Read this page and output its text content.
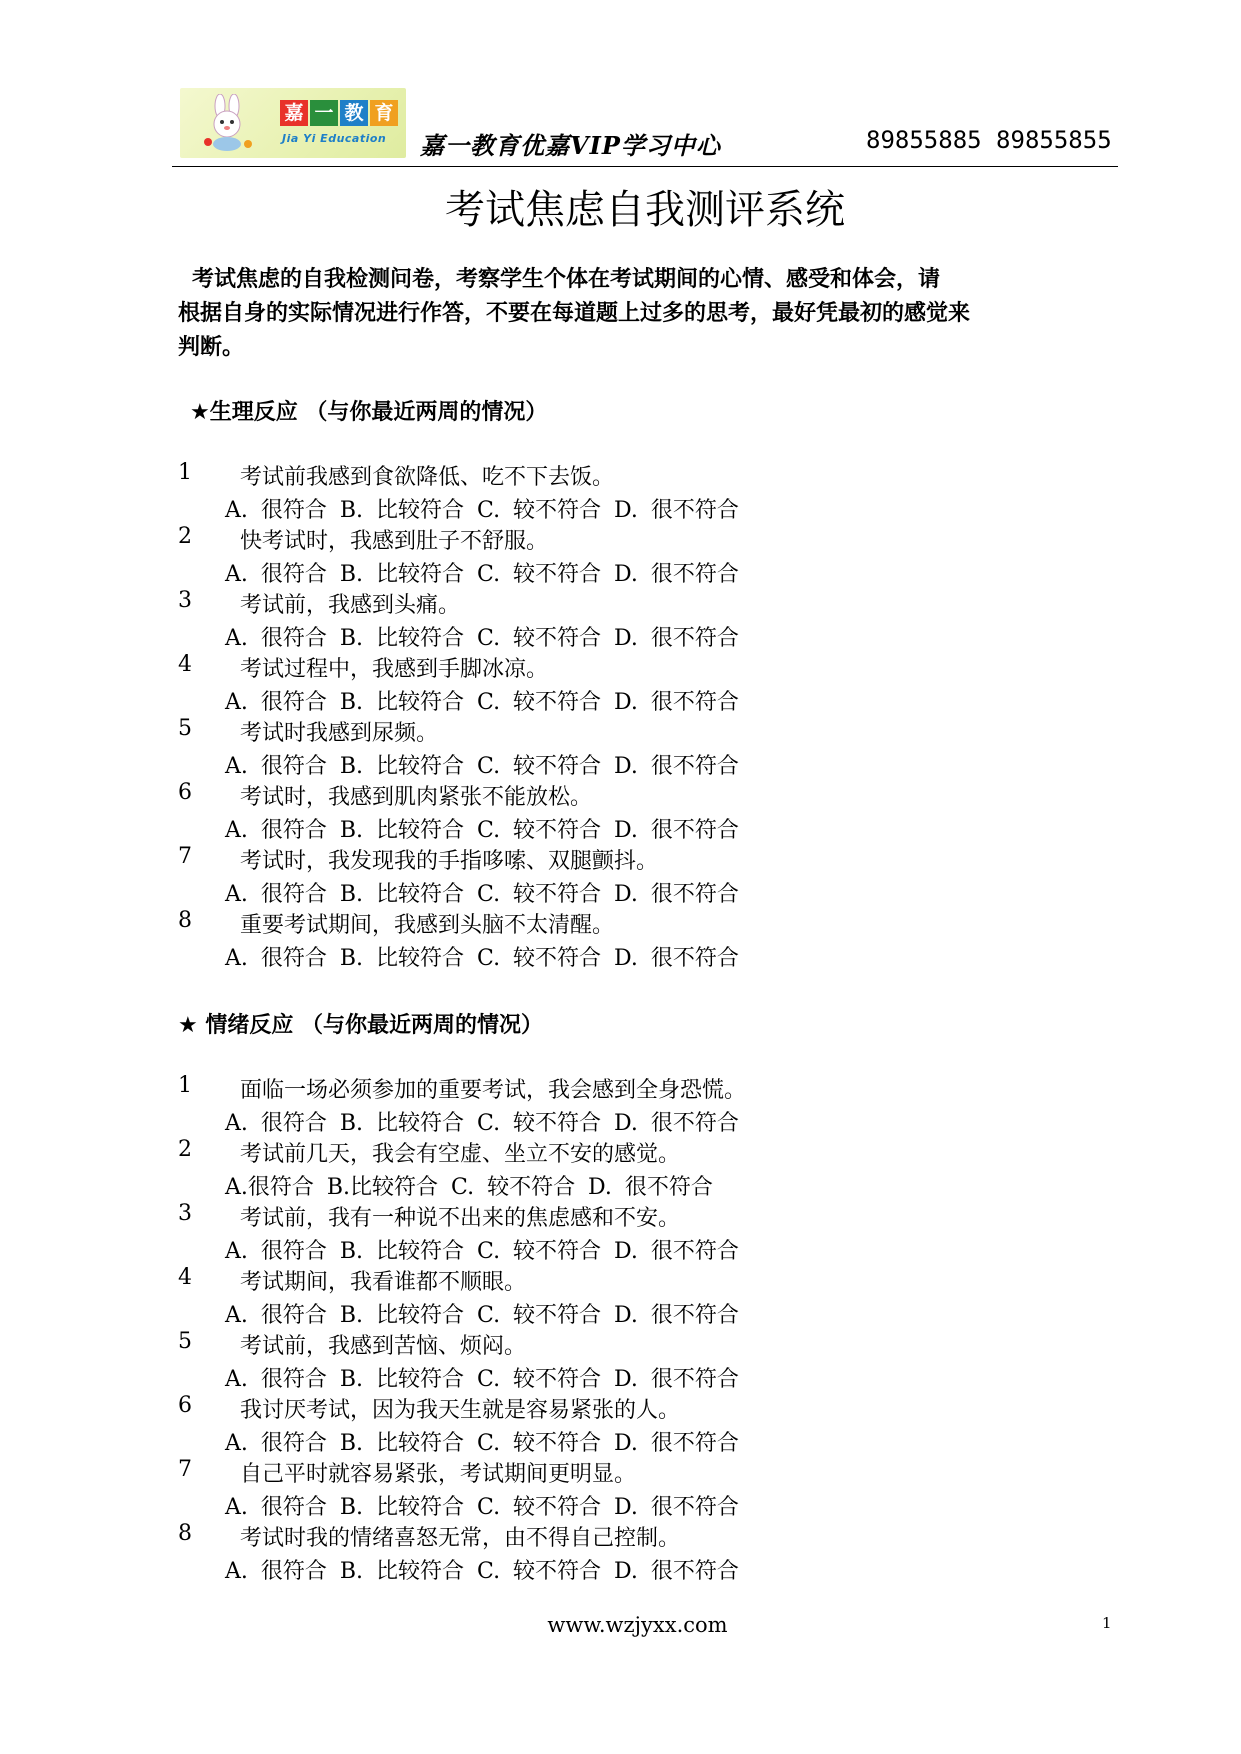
嘉 一 教 育
Jia Yi Education 嘉一教育优嘉VIP学习中心	89855885 89855855
考试焦虑自我测评系统
考试焦虑的自我检测问卷，考察学生个体在考试期间的心情、感受和体会，请
根据自身的实际情况进行作答，不要在每道题上过多的思考，最好凭最初的感觉来
判断。
★生理反应 （与你最近两周的情况）
1 考试前我感到食欲降低、吃不下去饭。
A. 很符合 B. 比较符合 C. 较不符合 D. 很不符合
2 快考试时，我感到肚子不舒服。
A. 很符合 B. 比较符合 C. 较不符合 D. 很不符合
3 考试前，我感到头痛。
A. 很符合 B. 比较符合 C. 较不符合 D. 很不符合
4 考试过程中，我感到手脚冰凉。
A. 很符合 B. 比较符合 C. 较不符合 D. 很不符合
5 考试时我感到尿频。
A. 很符合 B. 比较符合 C. 较不符合 D. 很不符合
6 考试时，我感到肌肉紧张不能放松。
A. 很符合 B. 比较符合 C. 较不符合 D. 很不符合
7 考试时，我发现我的手指哆嗦、双腿颤抖。
A. 很符合 B. 比较符合 C. 较不符合 D. 很不符合
8 重要考试期间，我感到头脑不太清醒。
A. 很符合 B. 比较符合 C. 较不符合 D. 很不符合
★ 情绪反应 （与你最近两周的情况）
1 面临一场必须参加的重要考试，我会感到全身恐慌。
A. 很符合 B. 比较符合 C. 较不符合 D. 很不符合
2 考试前几天，我会有空虚、坐立不安的感觉。
A.很符合 B.比较符合 C. 较不符合 D. 很不符合
3 考试前，我有一种说不出来的焦虑感和不安。
A. 很符合 B. 比较符合 C. 较不符合 D. 很不符合
4 考试期间，我看谁都不顺眼。
A. 很符合 B. 比较符合 C. 较不符合 D. 很不符合
5 考试前，我感到苦恼、烦闷。
A. 很符合 B. 比较符合 C. 较不符合 D. 很不符合
6 我讨厌考试，因为我天生就是容易紧张的人。
A. 很符合 B. 比较符合 C. 较不符合 D. 很不符合
7 自己平时就容易紧张，考试期间更明显。
A. 很符合 B. 比较符合 C. 较不符合 D. 很不符合
8 考试时我的情绪喜怒无常，由不得自己控制。
A. 很符合 B. 比较符合 C. 较不符合 D. 很不符合
www.wzjyxx.com	1
